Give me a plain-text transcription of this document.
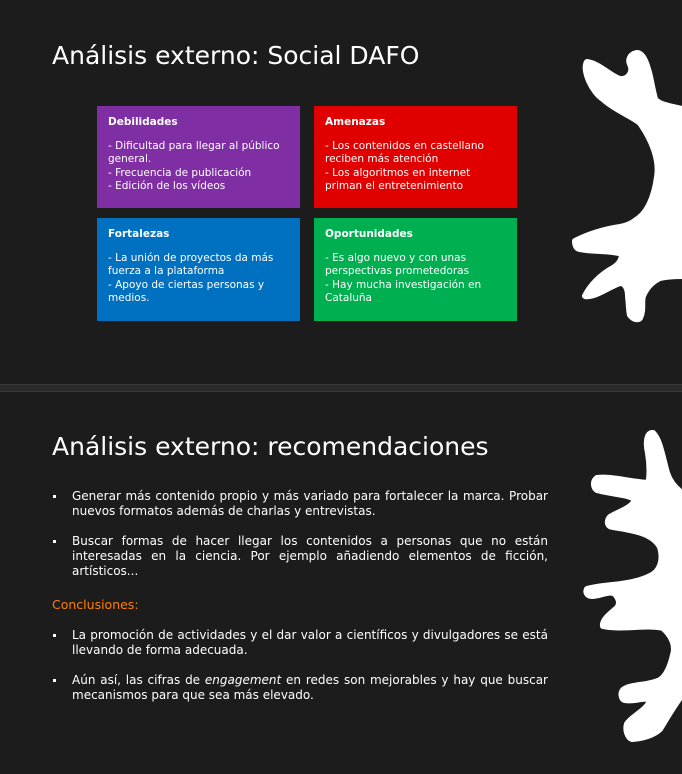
Análisis externo: Social DAFO
Debilidades
- Dificultad para llegar al público general.
- Frecuencia de publicación
- Edición de los vídeos
Amenazas
- Los contenidos en castellano reciben más atención
- Los algoritmos en internet priman el entretenimiento
Fortalezas
- La unión de proyectos da más fuerza a la plataforma
- Apoyo de ciertas personas y medios.
Oportunidades
- Es algo nuevo y con unas perspectivas prometedoras
- Hay mucha investigación en Cataluña
Análisis externo: recomendaciones
Generar más contenido propio y más variado para fortalecer la marca. Probar nuevos formatos además de charlas y entrevistas.
Buscar formas de hacer llegar los contenidos a personas que no están interesadas en la ciencia. Por ejemplo añadiendo elementos de ficción, artísticos...
Conclusiones:
La promoción de actividades y el dar valor a científicos y divulgadores se está llevando de forma adecuada.
Aún así, las cifras de engagement en redes son mejorables y hay que buscar mecanismos para que sea más elevado.
